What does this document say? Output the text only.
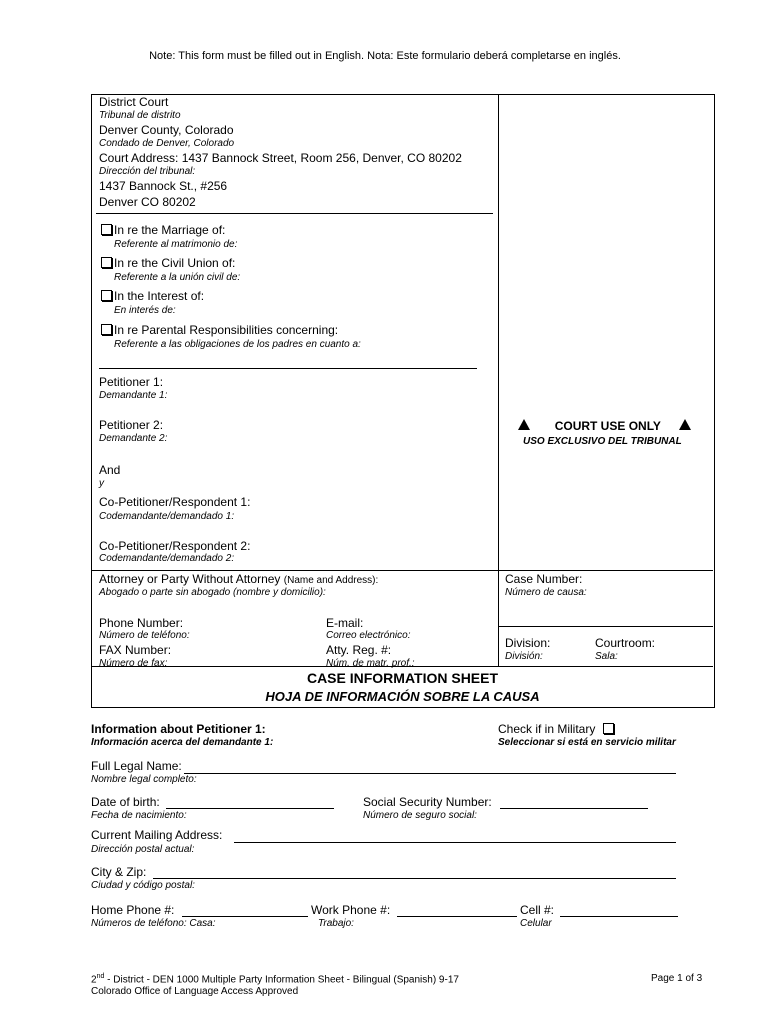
Note: This form must be filled out in English. Nota: Este formulario deberá completarse en inglés.
District Court
Tribunal de distrito
Denver County, Colorado
Condado de Denver, Colorado
Court Address: 1437 Bannock Street, Room 256, Denver, CO 80202
Dirección del tribunal:
1437 Bannock St., #256
Denver CO 80202
In re the Marriage of:
Referente al matrimonio de:
In re the Civil Union of:
Referente a la unión civil de:
In the Interest of:
En interés de:
In re Parental Responsibilities concerning:
Referente a las obligaciones de los padres en cuanto a:
Petitioner 1:
Demandante 1:
Petitioner 2:
Demandante 2:
And
y
Co-Petitioner/Respondent 1:
Codemandante/demandado 1:
Co-Petitioner/Respondent 2:
Codemandante/demandado 2:
COURT USE ONLY
USO EXCLUSIVO DEL TRIBUNAL
Attorney or Party Without Attorney (Name and Address):
Abogado o parte sin abogado (nombre y domicilio):
Phone Number:
Número de teléfono:
FAX Number:
Número de fax:
E-mail:
Correo electrónico:
Atty. Reg. #:
Núm. de matr. prof.:
Case Number:
Número de causa:
Division:
División:
Courtroom:
Sala:
CASE INFORMATION SHEET
HOJA DE INFORMACIÓN SOBRE LA CAUSA
Information about Petitioner 1:
Información acerca del demandante 1:
Check if in Military
Seleccionar si está en servicio militar
Full Legal Name:
Nombre legal completo:
Date of birth:
Fecha de nacimiento:
Social Security Number:
Número de seguro social:
Current Mailing Address:
Dirección postal actual:
City & Zip:
Ciudad y código postal:
Home Phone #:
Números de teléfono: Casa:
Work Phone #:
Trabajo:
Cell #:
Celular
2nd - District - DEN 1000 Multiple Party Information Sheet - Bilingual (Spanish) 9-17
Colorado Office of Language Access Approved
Page 1 of 3
